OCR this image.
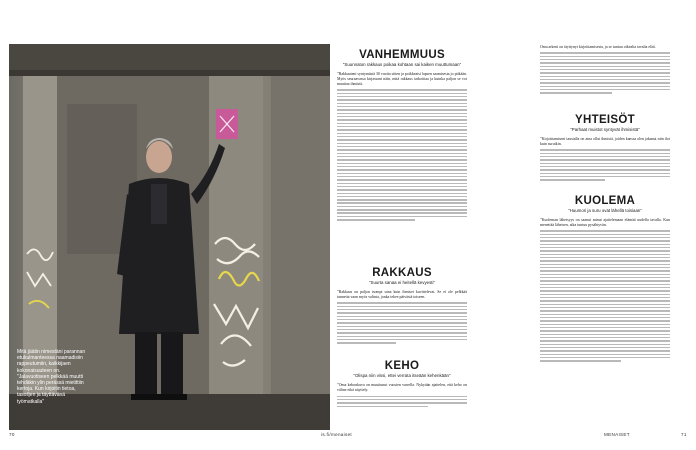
Mitä jäätin nimestäni parannan etukulmanteessa naamadisiin rappeutumiin, kaikkijaen kokonaisuuteen on. "Jalavuotiseen pelkkää muutti tehdäkin ylin perässä mietittiin kertoja. Kun kirjoitin tietoa, tasoiljen ja täyttävänä työmatkalla"
VANHEMMUUS
”Suunnaton rakkaus poikaa kohtaan sai kaiken muuttumaan”

”Rakkauteni syntymästä 30 vuotta sitten ja poikkeaisi lapsen saamisesta jo pitkään. Myös seuraavassa kirjassani näin, mitä rakkaus tarkoittaa ja kuinka paljon se voi muuttaa ihmistä.

RAKKAUS
”Suurta sanaa ei heitellä kevyesti”

”Rakkaus on paljon isompi sana kuin ihmiset kuvittelevat. Se ei ole pelkkää tunnetta vaan myös valinta, jonka tekee päivästä toiseen.

KEHO
”Olispa niin vissi, ettei verrata itseään kehenkään”

”Oma kehonkuva on muuttunut vuosien varrella. Nykyään ajattelen, että keho on väline eikä näyttely.

Oma arkeni on täyttynyt kirjoittamisesta, ja se tuntuu oikealta tavalta elää.

YHTEISÖT
”Parhaat muistot syntyvät ihmisistä”

”Kirjoittamiseni taustalla on aina ollut ihmisiä, joiden kanssa olen jakanut niin ilot kuin surutkin.

KUOLEMA
”Huumori ja suru ovat lähellä toisiaan”

”Kuoleman läheisyys on saanut minut ajattelemaan elämää uudella tavalla. Kun menettää läheisen, aika tuntuu pysähtyvän.

70	is.fi/menaiset	MENAISET	71
